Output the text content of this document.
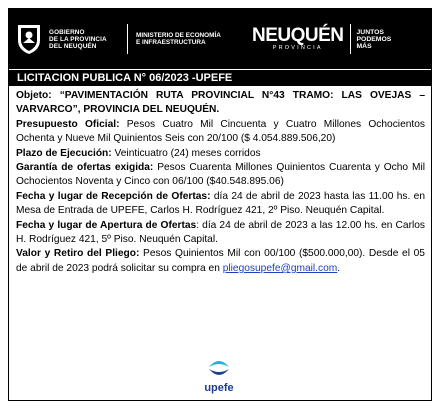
GOBIERNO
DE LA PROVINCIA
DEL NEUQUÉN
MINISTERIO DE ECONOMÍA
E INFRAESTRUCTURA	NEUQUÉN
PROVINCIA
JUNTOS
PODEMOS
MÁS
LICITACION PUBLICA N° 06/2023 -UPEFE

Objeto: “PAVIMENTACIÓN RUTA PROVINCIAL N°43 TRAMO: LAS OVEJAS – VARVARCO”, PROVINCIA DEL NEUQUÉN.

Presupuesto Oficial: Pesos Cuatro Mil Cincuenta y Cuatro Millones Ochocientos Ochenta y Nueve Mil Quinientos Seis con 20/100 ($ 4.054.889.506,20)

Plazo de Ejecución: Veinticuatro (24) meses corridos

Garantía de ofertas exigida: Pesos Cuarenta Millones Quinientos Cuarenta y Ocho Mil Ochocientos Noventa y Cinco con 06/100 ($40.548.895.06)

Fecha y lugar de Recepción de Ofertas: día 24 de abril de 2023 hasta las 11.00 hs. en Mesa de Entrada de UPEFE, Carlos H. Rodríguez 421, 2º Piso. Neuquén Capital.

Fecha y lugar de Apertura de Ofertas: día 24 de abril de 2023 a las 12.00 hs. en Carlos H. Rodríguez 421, 5º Piso. Neuquén Capital.

Valor y Retiro del Pliego: Pesos Quinientos Mil con 00/100 ($500.000,00). Desde el 05 de abril de 2023 podrá solicitar su compra en pliegosupefe@gmail.com.

upefe
